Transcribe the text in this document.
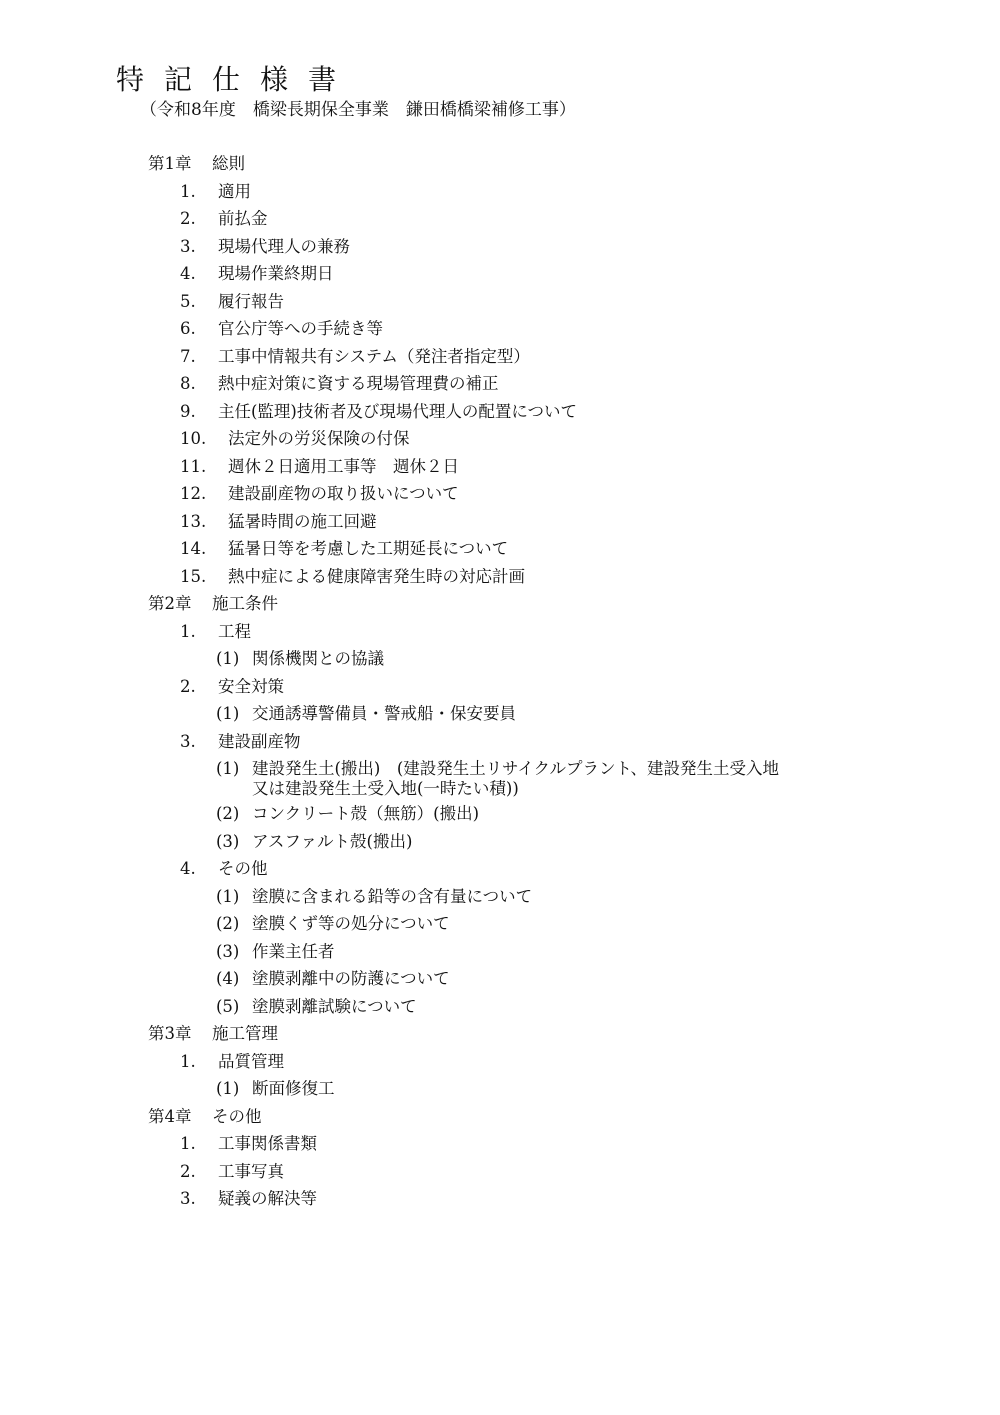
特記仕様書
（令和8年度　橋梁長期保全事業　鎌田橋橋梁補修工事）
第1章 総則
1. 適用
2. 前払金
3. 現場代理人の兼務
4. 現場作業終期日
5. 履行報告
6. 官公庁等への手続き等
7. 工事中情報共有システム（発注者指定型）
8. 熱中症対策に資する現場管理費の補正
9. 主任(監理)技術者及び現場代理人の配置について
10. 法定外の労災保険の付保
11. 週休２日適用工事等　週休２日
12. 建設副産物の取り扱いについて
13. 猛暑時間の施工回避
14. 猛暑日等を考慮した工期延長について
15. 熱中症による健康障害発生時の対応計画
第2章 施工条件
1. 工程
(1) 関係機関との協議
2. 安全対策
(1) 交通誘導警備員・警戒船・保安要員
3. 建設副産物
(1) 建設発生土(搬出)　(建設発生土リサイクルプラント、建設発生土受入地
又は建設発生土受入地(一時たい積))
(2) コンクリート殻（無筋）(搬出)
(3) アスファルト殻(搬出)
4. その他
(1) 塗膜に含まれる鉛等の含有量について
(2) 塗膜くず等の処分について
(3) 作業主任者
(4) 塗膜剥離中の防護について
(5) 塗膜剥離試験について
第3章 施工管理
1. 品質管理
(1) 断面修復工
第4章 その他
1. 工事関係書類
2. 工事写真
3. 疑義の解決等
